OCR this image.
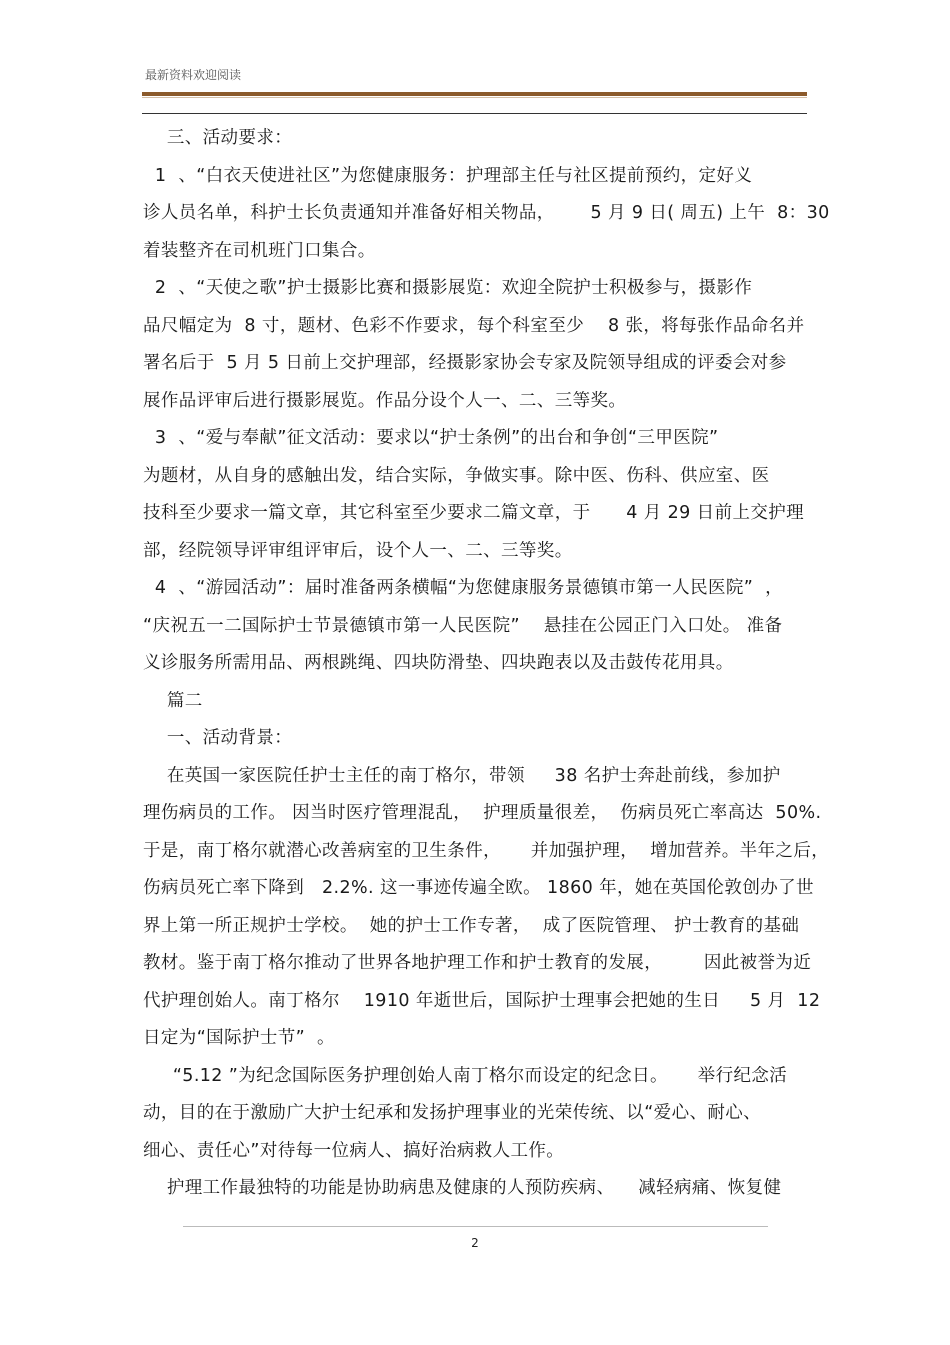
最新资料欢迎阅读
三、活动要求：
1  、“白衣天使进社区”为您健康服务：护理部主任与社区提前预约，定好义
诊人员名单，科护士长负责通知并准备好相关物品，      5 月 9 日( 周五) 上午  8：30
着装整齐在司机班门口集合。
2  、“天使之歌”护士摄影比赛和摄影展览：欢迎全院护士积极参与，摄影作
品尺幅定为  8 寸，题材、色彩不作要求，每个科室至少    8 张，将每张作品命名并
署名后于  5 月 5 日前上交护理部，经摄影家协会专家及院领导组成的评委会对参
展作品评审后进行摄影展览。作品分设个人一、二、三等奖。
3  、“爱与奉献”征文活动：要求以“护士条例”的出台和争创“三甲医院”
为题材，从自身的感触出发，结合实际，争做实事。除中医、伤科、供应室、医
技科至少要求一篇文章，其它科室至少要求二篇文章，于      4 月 29 日前上交护理
部，经院领导评审组评审后，设个人一、二、三等奖。
4  、“游园活动”：届时准备两条横幅“为您健康服务景德镇市第一人民医院”  ，
“庆祝五一二国际护士节景德镇市第一人民医院”    悬挂在公园正门入口处。 准备
义诊服务所需用品、两根跳绳、四块防滑垫、四块跑表以及击鼓传花用具。
篇二
一、活动背景：
在英国一家医院任护士主任的南丁格尔，带领     38 名护士奔赴前线，参加护
理伤病员的工作。 因当时医疗管理混乱，  护理质量很差，  伤病员死亡率高达  50%.
于是，南丁格尔就潜心改善病室的卫生条件，     并加强护理，  增加营养。半年之后，
伤病员死亡率下降到   2.2%. 这一事迹传遍全欧。 1860 年，她在英国伦敦创办了世
界上第一所正规护士学校。  她的护士工作专著，  成了医院管理、 护士教育的基础
教材。鉴于南丁格尔推动了世界各地护理工作和护士教育的发展，       因此被誉为近
代护理创始人。南丁格尔    1910 年逝世后，国际护士理事会把她的生日     5 月  12
日定为“国际护士节”  。
“5.12 ”为纪念国际医务护理创始人南丁格尔而设定的纪念日。     举行纪念活
动，目的在于激励广大护士纪承和发扬护理事业的光荣传统、以“爱心、耐心、
细心、责任心”对待每一位病人、搞好治病救人工作。
护理工作最独特的功能是协助病患及健康的人预防疾病、    减轻病痛、恢复健
2
